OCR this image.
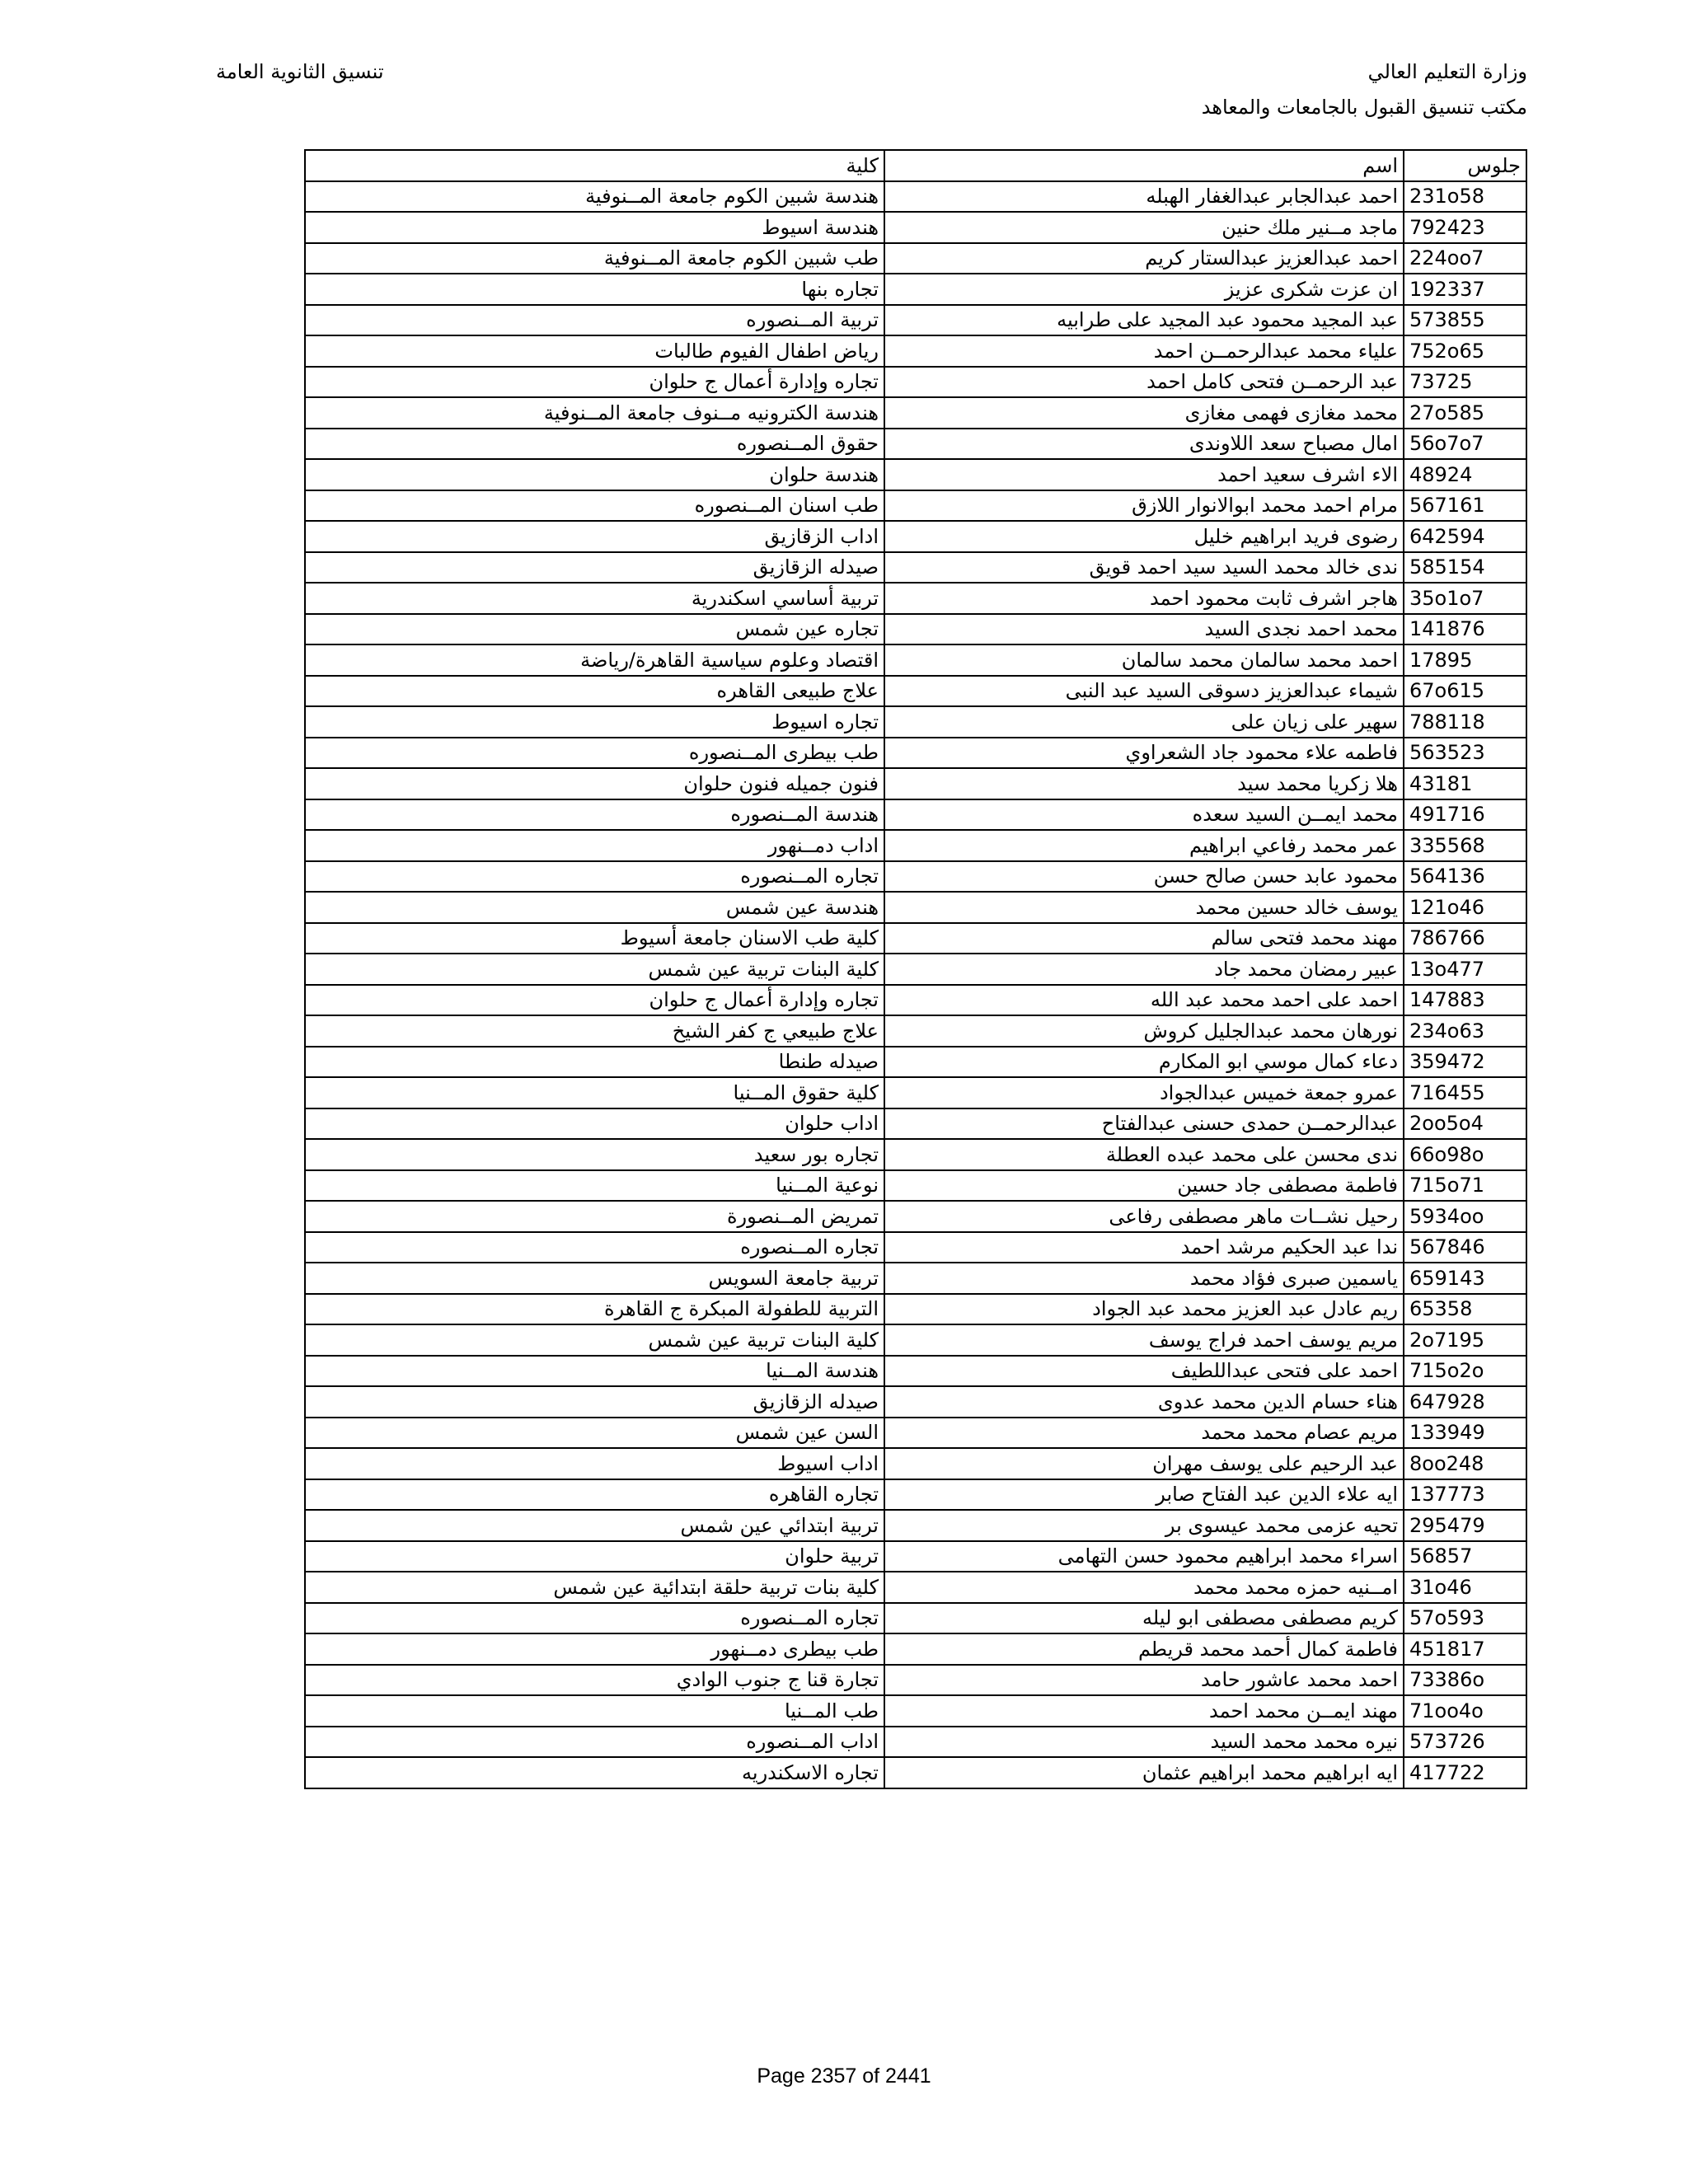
وزارة التعليم العالي
مكتب تنسيق القبول بالجامعات والمعاهد
تنسيق الثانوية العامة
جلوس	اسم	كلية
231o58	احمد عبدالجابر عبدالغفار الهبله	هندسة شبين الكوم جامعة المــنوفية
792423	ماجد مــنير ملك حنين	هندسة اسيوط
224oo7	احمد عبدالعزيز عبدالستار كريم	طب شبين الكوم جامعة المــنوفية
192337	ان عزت شكرى عزيز	تجاره بنها
573855	عبد المجيد محمود عبد المجيد على طرابيه	تربية المــنصوره
752o65	علياء محمد عبدالرحمــن احمد	رياض اطفال الفيوم طالبات
73725	عبد الرحمــن فتحى كامل احمد	تجاره وإدارة أعمال ج حلوان
27o585	محمد مغازى فهمى مغازى	هندسة الكترونيه مــنوف جامعة المــنوفية
56o7o7	امال مصباح سعد اللاوندى	حقوق المــنصوره
48924	الاء اشرف سعيد احمد	هندسة حلوان
567161	مرام احمد محمد ابوالانوار اللازق	طب اسنان المــنصوره
642594	رضوى فريد ابراهيم خليل	اداب الزقازيق
585154	ندى خالد محمد السيد سيد احمد قويق	صيدله الزقازيق
35o1o7	هاجر اشرف ثابت محمود احمد	تربية أساسي اسكندرية
141876	محمد احمد نجدى السيد	تجاره عين شمس
17895	احمد محمد سالمان محمد سالمان	اقتصاد وعلوم سياسية القاهرة/رياضة
67o615	شيماء عبدالعزيز دسوقى السيد عبد النبى	علاج طبيعى القاهره
788118	سهير على زيان على	تجاره اسيوط
563523	فاطمه علاء محمود جاد الشعراوي	طب بيطرى المــنصوره
43181	هلا زكريا محمد سيد	فنون جميله فنون حلوان
491716	محمد ايمــن السيد سعده	هندسة المــنصوره
335568	عمر محمد رفاعي ابراهيم	اداب دمــنهور
564136	محمود عابد حسن صالح حسن	تجاره المــنصوره
121o46	يوسف خالد حسين محمد	هندسة عين شمس
786766	مهند محمد فتحى سالم	كلية طب الاسنان جامعة أسيوط
13o477	عبير رمضان محمد جاد	كلية البنات تربية عين شمس
147883	احمد على احمد محمد عبد الله	تجاره وإدارة أعمال ج حلوان
234o63	نورهان محمد عبدالجليل كروش	علاج طبيعي ج كفر الشيخ
359472	دعاء كمال موسي ابو المكارم	صيدله طنطا
716455	عمرو جمعة خميس عبدالجواد	كلية حقوق المــنيا
2oo5o4	عبدالرحمــن حمدى حسنى عبدالفتاح	اداب حلوان
66o98o	ندى محسن على محمد عبده العطلة	تجاره بور سعيد
715o71	فاطمة مصطفى جاد حسين	نوعية المــنيا
5934oo	رحيل نشــات ماهر مصطفى رفاعى	تمريض المــنصورة
567846	ندا عبد الحكيم مرشد احمد	تجاره المــنصوره
659143	ياسمين صبرى فؤاد محمد	تربية جامعة السويس
65358	ريم عادل عبد العزيز محمد عبد الجواد	التربية للطفولة المبكرة ج القاهرة
2o7195	مريم يوسف احمد فراج يوسف	كلية البنات تربية عين شمس
715o2o	احمد على فتحى عبداللطيف	هندسة المــنيا
647928	هناء حسام الدين محمد عدوى	صيدله الزقازيق
133949	مريم عصام محمد محمد	السن عين شمس
8oo248	عبد الرحيم على يوسف مهران	اداب اسيوط
137773	ايه علاء الدين عبد الفتاح صابر	تجاره القاهره
295479	تحيه عزمى محمد عيسوى بر	تربية ابتدائي عين شمس
56857	اسراء محمد ابراهيم محمود حسن التهامى	تربية حلوان
31o46	امــنيه حمزه محمد محمد	كلية بنات تربية حلقة ابتدائية عين شمس
57o593	كريم مصطفى مصطفى ابو ليله	تجاره المــنصوره
451817	فاطمة كمال أحمد محمد قريطم	طب بيطرى دمــنهور
73386o	احمد محمد عاشور حامد	تجارة قنا ج جنوب الوادي
71oo4o	مهند ايمــن محمد احمد	طب المــنيا
573726	نيره محمد محمد السيد	اداب المــنصوره
417722	ايه ابراهيم محمد ابراهيم عثمان	تجاره الاسكندريه
Page 2357 of 2441
